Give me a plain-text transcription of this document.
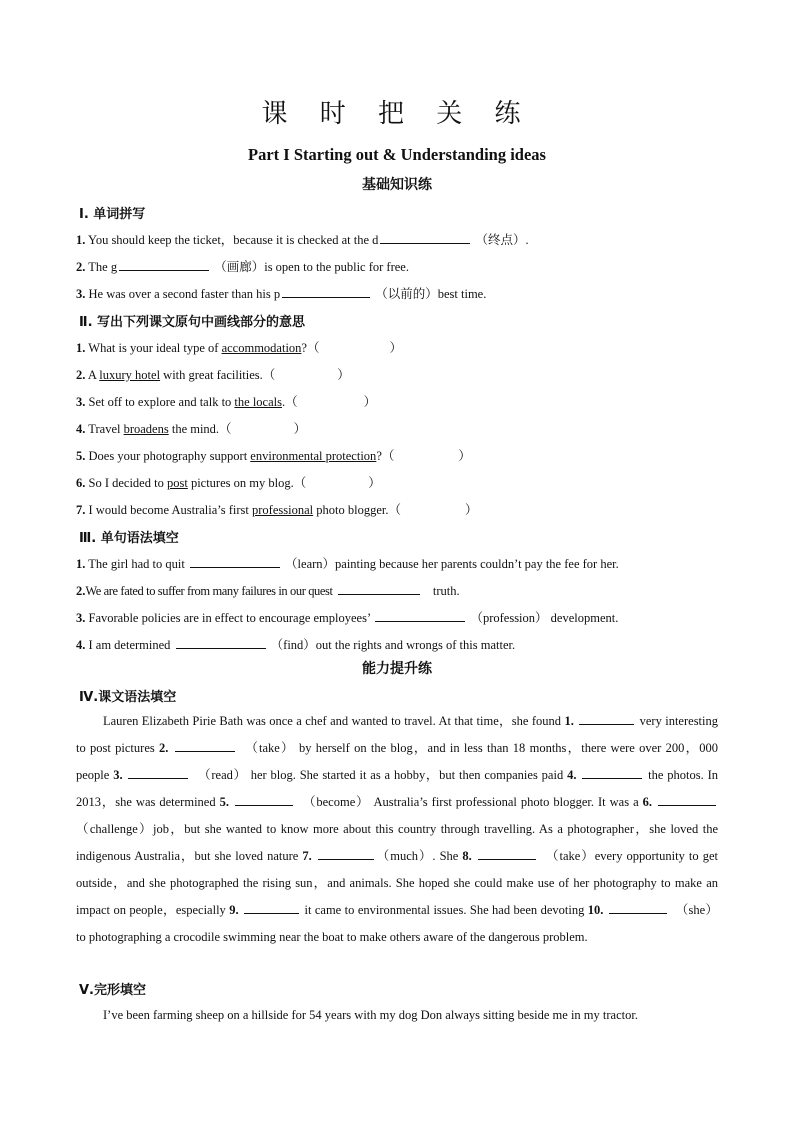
课 时 把 关 练
Part I Starting out & Understanding ideas
基础知识练
Ⅰ. 单词拼写
1. You should keep the ticket，because it is checked at the d	（终点）.
2. The g	（画廊）is open to the public for free.
3. He was over a second faster than his p	（以前的）best time.
Ⅱ. 写出下列课文原句中画线部分的意思
1. What is your ideal type of accommodation?（	）
2. A luxury hotel with great facilities.（	）
3. Set off to explore and talk to the locals.（	）
4. Travel broadens the mind.（	）
5. Does your photography support environmental protection?（	）
6. So I decided to post pictures on my blog.（	）
7. I would become Australia’s first professional photo blogger.（	）
Ⅲ. 单句语法填空
1. The girl had to quit	（learn）painting because her parents couldn’t pay the fee for her.
2.We are fated to suffer from many failures in our quest	truth.
3. Favorable policies are in effect to encourage employees’	（profession） development.
4. I am determined	（find）out the rights and wrongs of this matter.
能力提升练
Ⅳ.课文语法填空
Lauren Elizabeth Pirie Bath was once a chef and wanted to travel. At that time，she found 1.	very interesting to post pictures 2. 　	（take） by herself on the blog，and in less than 18 months，there were over 200，000 people 3. 　	（read） her blog. She started it as a hobby，but then companies paid 4.	the photos. In 2013，she was determined 5. 　	（become） Australia’s first professional photo blogger. It was a 6. 　（challenge）job，but she wanted to know more about this country through travelling. As a photographer，she loved the indigenous Australia，but she loved nature 7.	（much）. She 8. 　	（take）every opportunity to get outside，and she photographed the rising sun，and animals. She hoped she could make use of her photography to make an impact on people，especially 9.	it came to environmental issues. She had been devoting 10. 　	（she）to photographing a crocodile swimming near the boat to make others aware of the dangerous problem.
Ⅴ.完形填空
I’ve been farming sheep on a hillside for 54 years with my dog Don always sitting beside me in my tractor.
